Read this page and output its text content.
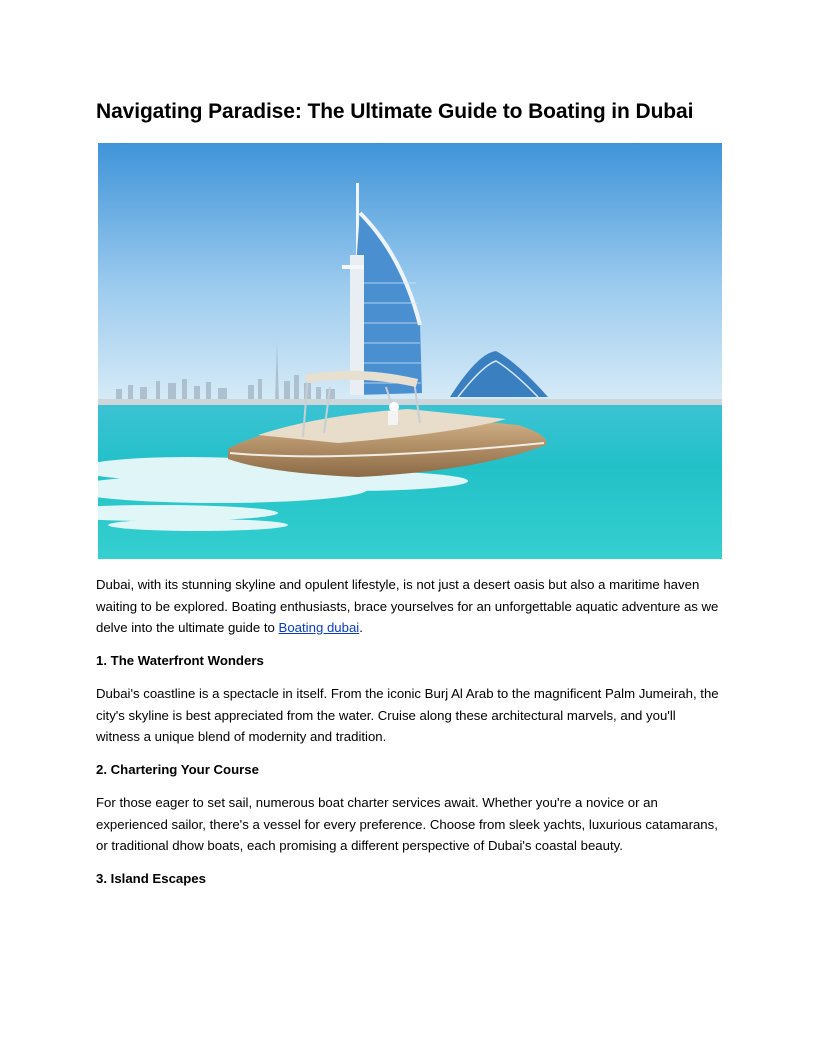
Navigating Paradise: The Ultimate Guide to Boating in Dubai

Dubai, with its stunning skyline and opulent lifestyle, is not just a desert oasis but also a maritime haven waiting to be explored. Boating enthusiasts, brace yourselves for an unforgettable aquatic adventure as we delve into the ultimate guide to Boating dubai.

1. The Waterfront Wonders

Dubai's coastline is a spectacle in itself. From the iconic Burj Al Arab to the magnificent Palm Jumeirah, the city's skyline is best appreciated from the water. Cruise along these architectural marvels, and you'll witness a unique blend of modernity and tradition.

2. Chartering Your Course

For those eager to set sail, numerous boat charter services await. Whether you're a novice or an experienced sailor, there's a vessel for every preference. Choose from sleek yachts, luxurious catamarans, or traditional dhow boats, each promising a different perspective of Dubai's coastal beauty.

3. Island Escapes
